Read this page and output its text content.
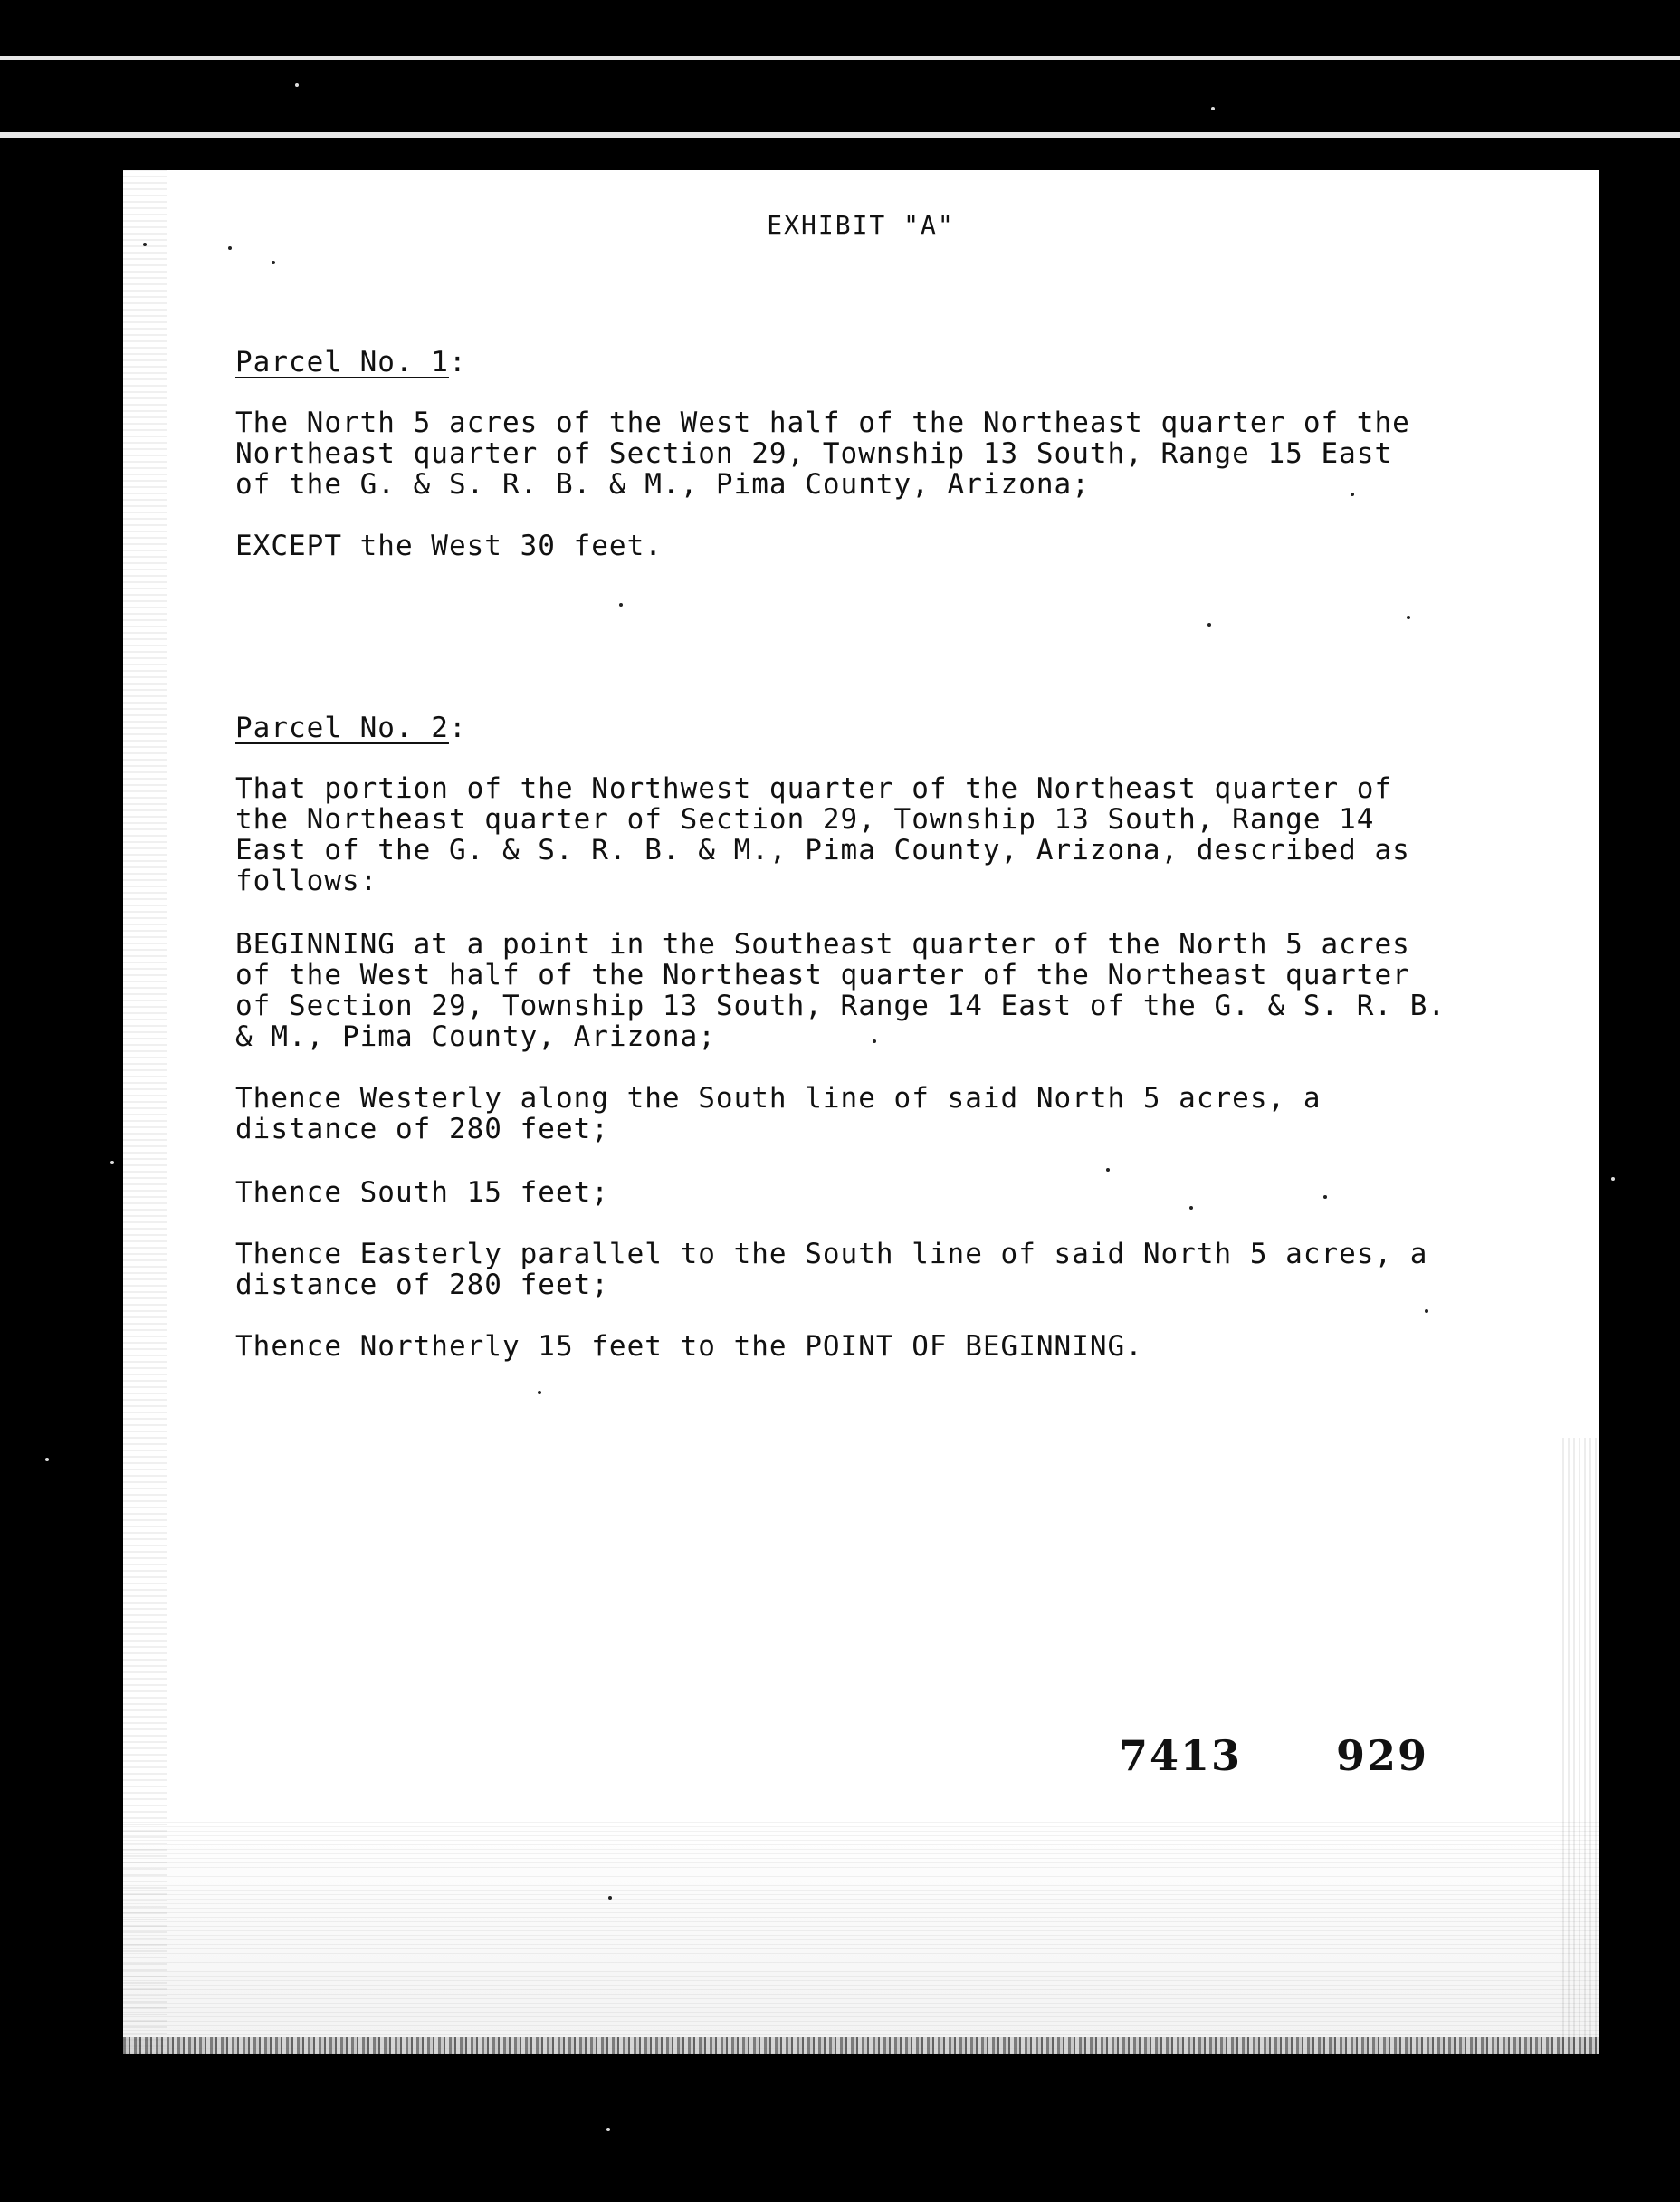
EXHIBIT "A"
Parcel No. 1:

The North 5 acres of the West half of the Northeast quarter of the
Northeast quarter of Section 29, Township 13 South, Range 15 East
of the G. & S. R. B. & M., Pima County, Arizona;

EXCEPT the West 30 feet.

Parcel No. 2:

That portion of the Northwest quarter of the Northeast quarter of
the Northeast quarter of Section 29, Township 13 South, Range 14
East of the G. & S. R. B. & M., Pima County, Arizona, described as
follows:

BEGINNING at a point in the Southeast quarter of the North 5 acres
of the West half of the Northeast quarter of the Northeast quarter
of Section 29, Township 13 South, Range 14 East of the G. & S. R. B.
& M., Pima County, Arizona;

Thence Westerly along the South line of said North 5 acres, a
distance of 280 feet;

Thence South 15 feet;

Thence Easterly parallel to the South line of said North 5 acres, a
distance of 280 feet;

Thence Northerly 15 feet to the POINT OF BEGINNING.

7413 929
